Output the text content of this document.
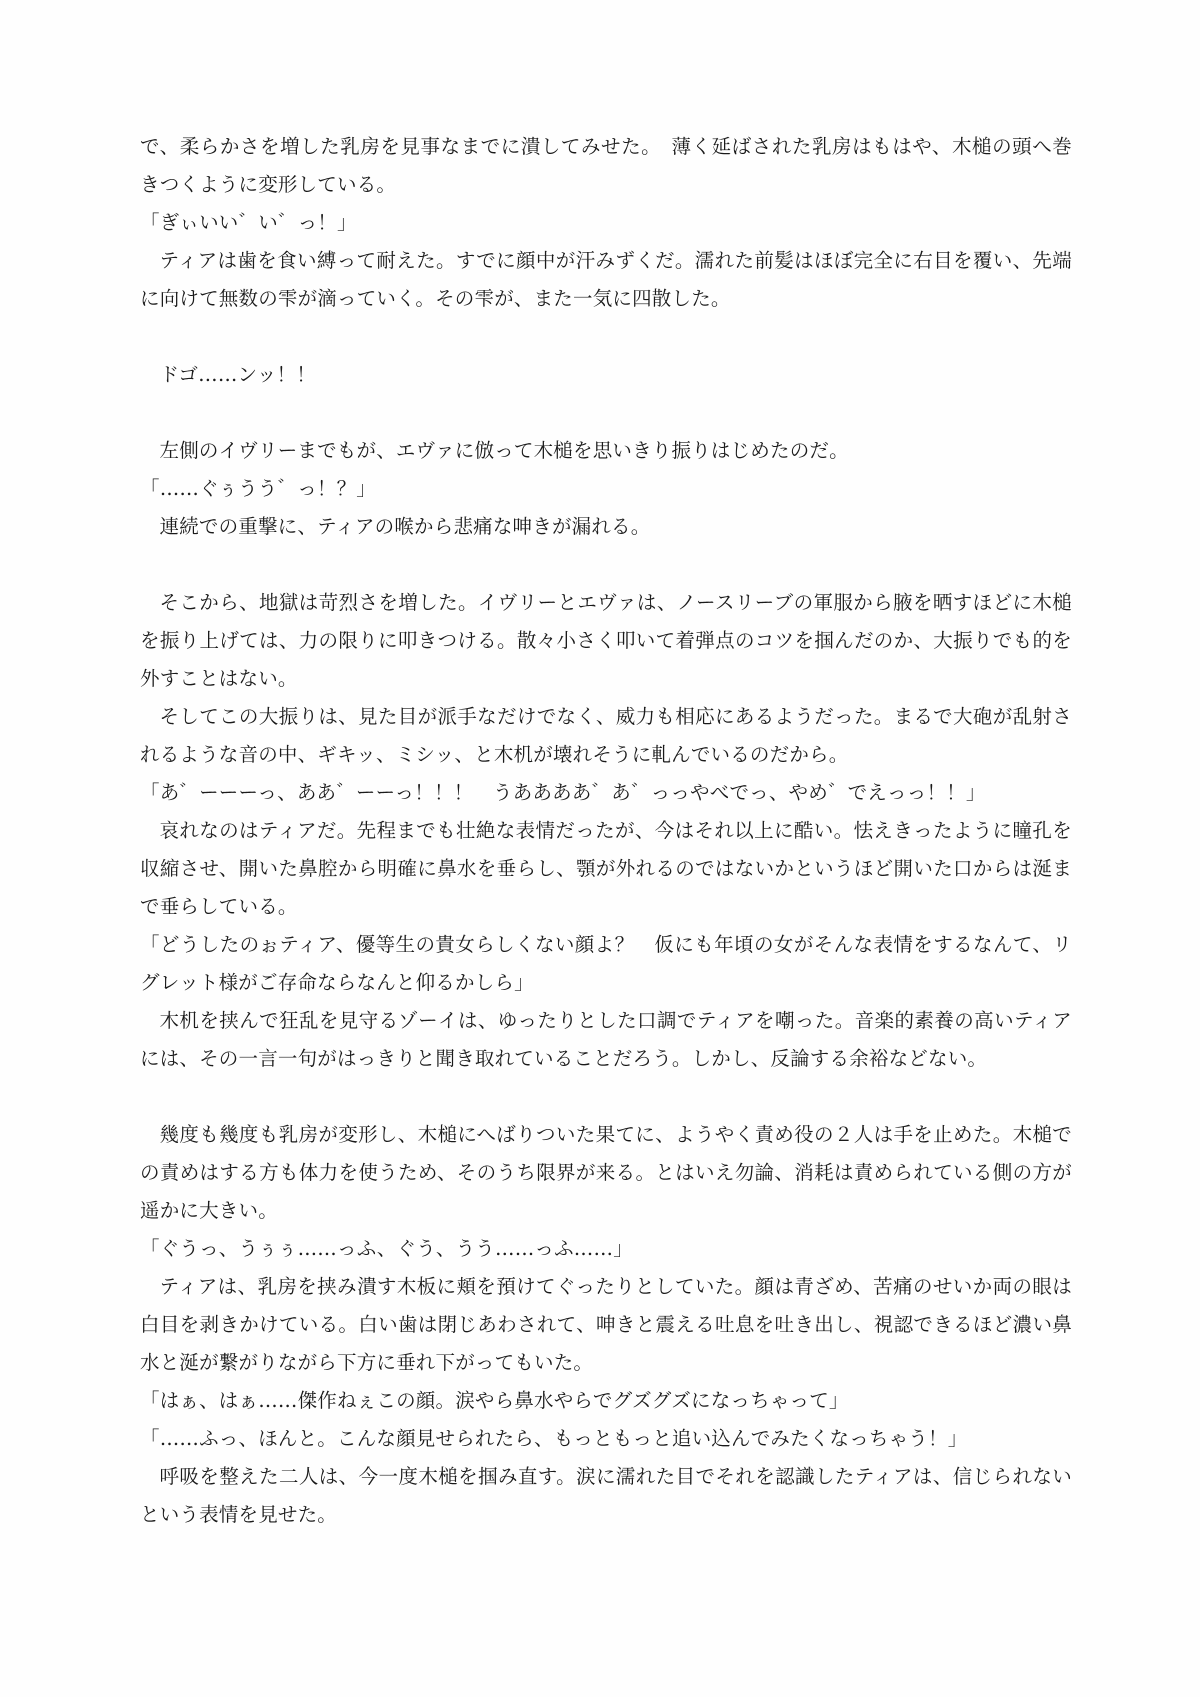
で、柔らかさを増した乳房を見事なまでに潰してみせた。　薄く延ばされた乳房はもはや、木槌の頭へ巻きつくように変形している。

「ぎぃいい゛い゛っ！」

ティアは歯を食い縛って耐えた。すでに顔中が汗みずくだ。濡れた前髪はほぼ完全に右目を覆い、先端に向けて無数の雫が滴っていく。その雫が、また一気に四散した。

ドゴ……ンッ！！

左側のイヴリーまでもが、エヴァに倣って木槌を思いきり振りはじめたのだ。

「……ぐぅうう゛っ！？」

連続での重撃に、ティアの喉から悲痛な呻きが漏れる。

そこから、地獄は苛烈さを増した。イヴリーとエヴァは、ノースリーブの軍服から腋を晒すほどに木槌を振り上げては、力の限りに叩きつける。散々小さく叩いて着弾点のコツを掴んだのか、大振りでも的を外すことはない。

そしてこの大振りは、見た目が派手なだけでなく、威力も相応にあるようだった。まるで大砲が乱射されるような音の中、ギキッ、ミシッ、と木机が壊れそうに軋んでいるのだから。

「あ゛ーーーっ、ああ゛ーーっ！！！　うああああ゛あ゛っっやべでっ、やめ゛でえっっ！！」

哀れなのはティアだ。先程までも壮絶な表情だったが、今はそれ以上に酷い。怯えきったように瞳孔を収縮させ、開いた鼻腔から明確に鼻水を垂らし、顎が外れるのではないかというほど開いた口からは涎まで垂らしている。

「どうしたのぉティア、優等生の貴女らしくない顔よ？　仮にも年頃の女がそんな表情をするなんて、リグレット様がご存命ならなんと仰るかしら」

木机を挟んで狂乱を見守るゾーイは、ゆったりとした口調でティアを嘲った。音楽的素養の高いティアには、その一言一句がはっきりと聞き取れていることだろう。しかし、反論する余裕などない。

幾度も幾度も乳房が変形し、木槌にへばりついた果てに、ようやく責め役の２人は手を止めた。木槌での責めはする方も体力を使うため、そのうち限界が来る。とはいえ勿論、消耗は責められている側の方が遥かに大きい。

「ぐうっ、うぅぅ……っふ、ぐう、うう……っふ……」

ティアは、乳房を挟み潰す木板に頬を預けてぐったりとしていた。顔は青ざめ、苦痛のせいか両の眼は白目を剥きかけている。白い歯は閉じあわされて、呻きと震える吐息を吐き出し、視認できるほど濃い鼻水と涎が繋がりながら下方に垂れ下がってもいた。

「はぁ、はぁ……傑作ねぇこの顔。涙やら鼻水やらでグズグズになっちゃって」

「……ふっ、ほんと。こんな顔見せられたら、もっともっと追い込んでみたくなっちゃう！」

呼吸を整えた二人は、今一度木槌を掴み直す。涙に濡れた目でそれを認識したティアは、信じられないという表情を見せた。
